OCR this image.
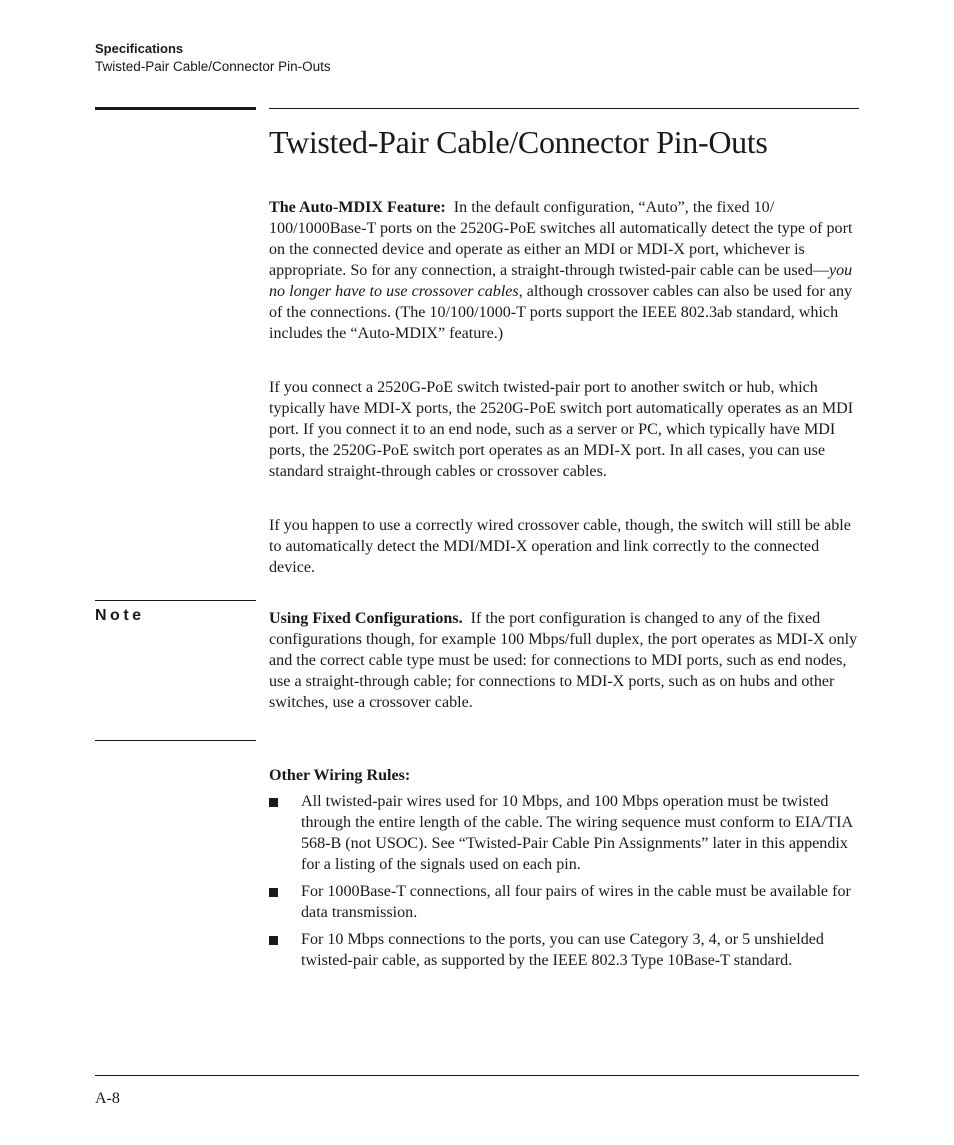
Specifications
Twisted-Pair Cable/Connector Pin-Outs
Twisted-Pair Cable/Connector Pin-Outs

The Auto-MDIX Feature: In the default configuration, “Auto”, the fixed 10/ 100/1000Base-T ports on the 2520G-PoE switches all automatically detect the type of port on the connected device and operate as either an MDI or MDI-X port, whichever is appropriate. So for any connection, a straight-through twisted-pair cable can be used—you no longer have to use crossover cables, although crossover cables can also be used for any of the connections. (The 10/100/1000-T ports support the IEEE 802.3ab standard, which includes the “Auto-MDIX” feature.)

If you connect a 2520G-PoE switch twisted-pair port to another switch or hub, which typically have MDI-X ports, the 2520G-PoE switch port automatically operates as an MDI port. If you connect it to an end node, such as a server or PC, which typically have MDI ports, the 2520G-PoE switch port operates as an MDI-X port. In all cases, you can use standard straight-through cables or crossover cables.

If you happen to use a correctly wired crossover cable, though, the switch will still be able to automatically detect the MDI/MDI-X operation and link correctly to the connected device.

Note	Using Fixed Configurations. If the port configuration is changed to any of the fixed configurations though, for example 100 Mbps/full duplex, the port operates as MDI-X only and the correct cable type must be used: for connections to MDI ports, such as end nodes, use a straight-through cable; for connections to MDI-X ports, such as on hubs and other switches, use a crossover cable.

Other Wiring Rules:

All twisted-pair wires used for 10 Mbps, and 100 Mbps operation must be twisted through the entire length of the cable. The wiring sequence must conform to EIA/TIA 568-B (not USOC). See “Twisted-Pair Cable Pin Assignments” later in this appendix for a listing of the signals used on each pin.
For 1000Base-T connections, all four pairs of wires in the cable must be available for data transmission.
For 10 Mbps connections to the ports, you can use Category 3, 4, or 5 unshielded twisted-pair cable, as supported by the IEEE 802.3 Type 10Base-T standard.
A-8
